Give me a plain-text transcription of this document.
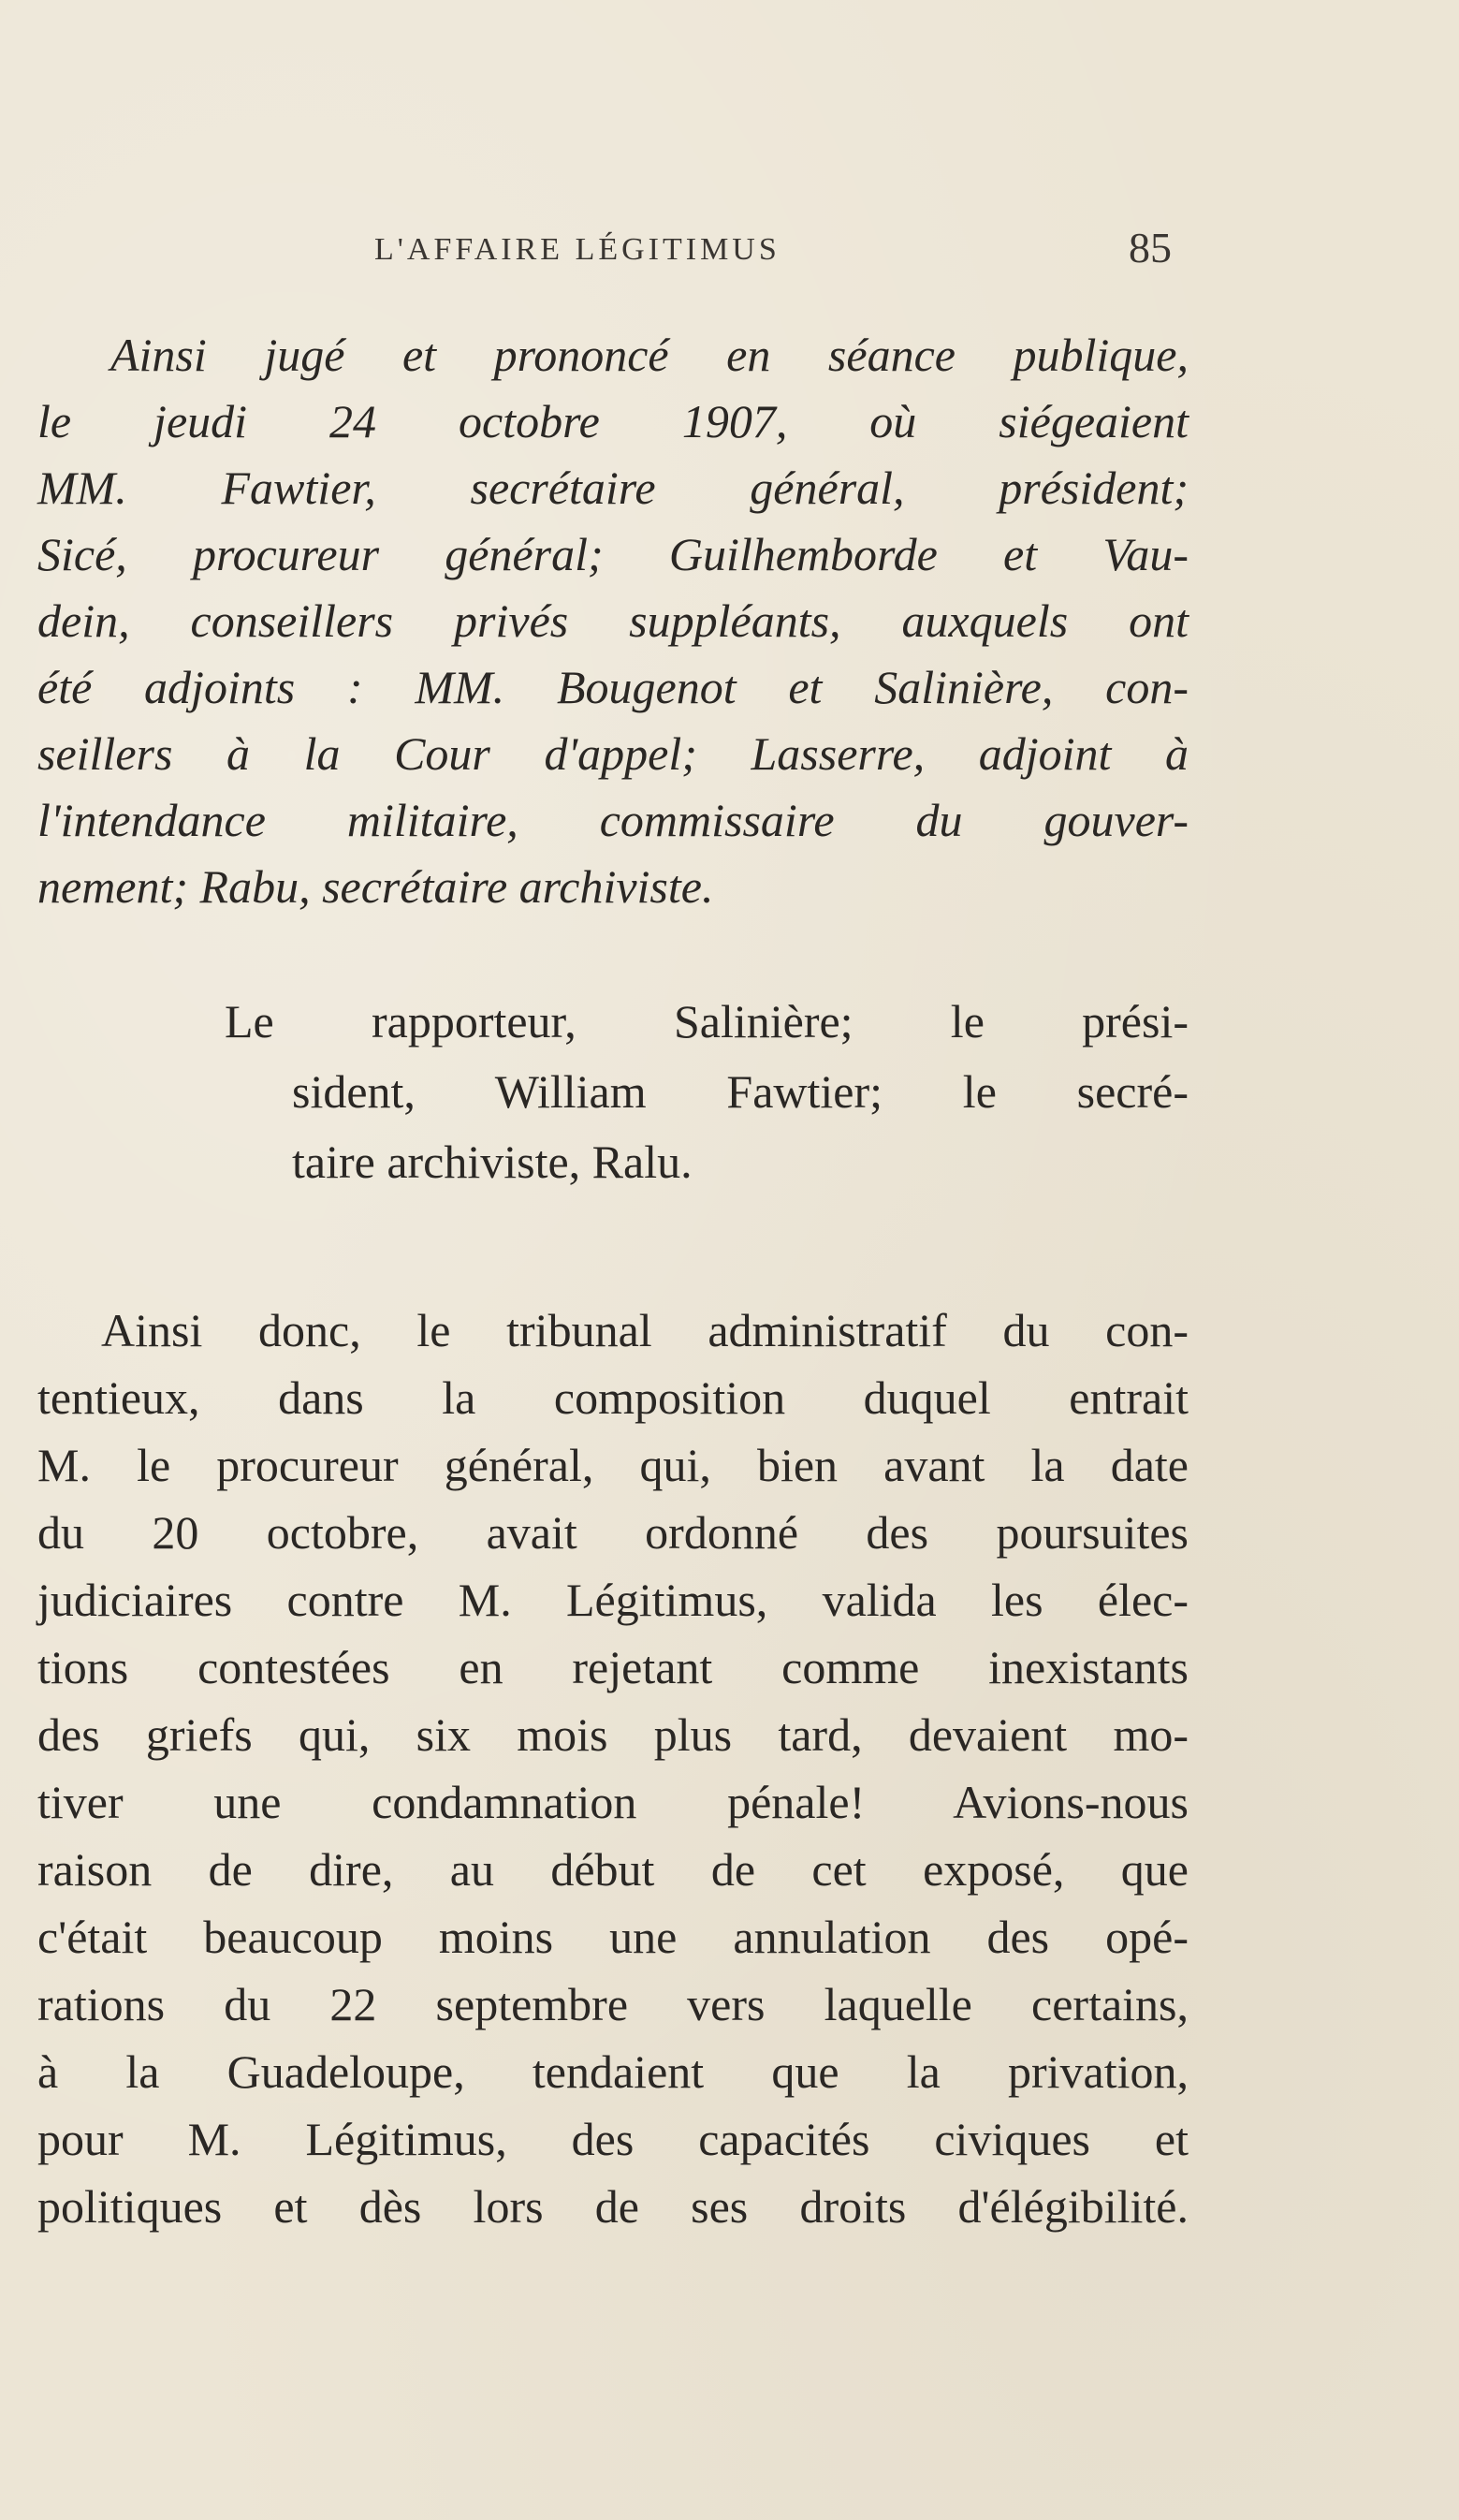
L'AFFAIRE LÉGITIMUS	85
Ainsi jugé et prononcé en séance publique,
le jeudi 24 octobre 1907, où siégeaient
MM. Fawtier, secrétaire général, président;
Sicé, procureur général; Guilhemborde et Vau-
dein, conseillers privés suppléants, auxquels ont
été adjoints : MM. Bougenot et Salinière, con-
seillers à la Cour d'appel; Lasserre, adjoint à
l'intendance militaire, commissaire du gouver-
nement; Rabu, secrétaire archiviste.
Le rapporteur, Salinière; le prési-
sident, William Fawtier; le secré-
taire archiviste, Ralu.
Ainsi donc, le tribunal administratif du con-
tentieux, dans la composition duquel entrait
M. le procureur général, qui, bien avant la date
du 20 octobre, avait ordonné des poursuites
judiciaires contre M. Légitimus, valida les élec-
tions contestées en rejetant comme inexistants
des griefs qui, six mois plus tard, devaient mo-
tiver une condamnation pénale! Avions-nous
raison de dire, au début de cet exposé, que
c'était beaucoup moins une annulation des opé-
rations du 22 septembre vers laquelle certains,
à la Guadeloupe, tendaient que la privation,
pour M. Légitimus, des capacités civiques et
politiques et dès lors de ses droits d'élégibilité.
